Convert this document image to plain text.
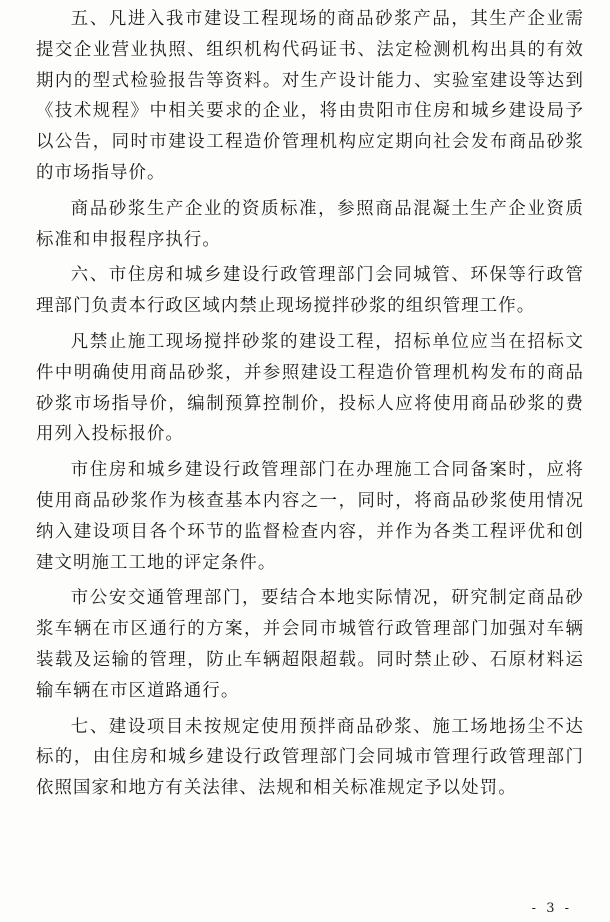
五、凡进入我市建设工程现场的商品砂浆产品，其生产企业需提交企业营业执照、组织机构代码证书、法定检测机构出具的有效期内的型式检验报告等资料。对生产设计能力、实验室建设等达到《技术规程》中相关要求的企业，将由贵阳市住房和城乡建设局予以公告，同时市建设工程造价管理机构应定期向社会发布商品砂浆的市场指导价。

商品砂浆生产企业的资质标准，参照商品混凝土生产企业资质标准和申报程序执行。

六、市住房和城乡建设行政管理部门会同城管、环保等行政管理部门负责本行政区域内禁止现场搅拌砂浆的组织管理工作。

凡禁止施工现场搅拌砂浆的建设工程，招标单位应当在招标文件中明确使用商品砂浆，并参照建设工程造价管理机构发布的商品砂浆市场指导价，编制预算控制价，投标人应将使用商品砂浆的费用列入投标报价。

市住房和城乡建设行政管理部门在办理施工合同备案时，应将使用商品砂浆作为核查基本内容之一，同时，将商品砂浆使用情况纳入建设项目各个环节的监督检查内容，并作为各类工程评优和创建文明施工工地的评定条件。

市公安交通管理部门，要结合本地实际情况，研究制定商品砂浆车辆在市区通行的方案，并会同市城管行政管理部门加强对车辆装载及运输的管理，防止车辆超限超载。同时禁止砂、石原材料运输车辆在市区道路通行。

七、建设项目未按规定使用预拌商品砂浆、施工场地扬尘不达标的，由住房和城乡建设行政管理部门会同城市管理行政管理部门依照国家和地方有关法律、法规和相关标准规定予以处罚。

- 3 -
